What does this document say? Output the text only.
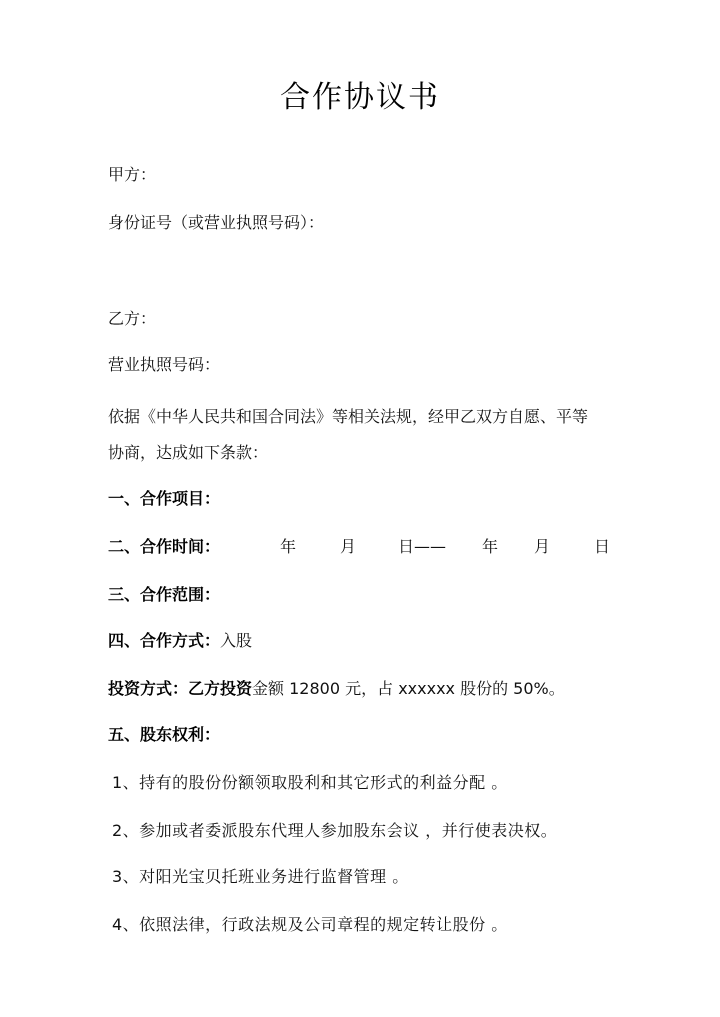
合作协议书
甲方：
身份证号（或营业执照号码）：
乙方：
营业执照号码：
依据《中华人民共和国合同法》等相关法规，经甲乙双方自愿、平等
协商，达成如下条款：
一、合作项目：
二、合作时间：	年	月	日—— 年 月	日
三、合作范围：
四、合作方式：入股
投资方式：乙方投资金额 12800 元，占 xxxxxx 股份的 50%。
五、股东权利：
1、持有的股份份额领取股利和其它形式的利益分配 。
2、参加或者委派股东代理人参加股东会议 ，并行使表决权。
3、对阳光宝贝托班业务进行监督管理 。
4、依照法律，行政法规及公司章程的规定转让股份 。
